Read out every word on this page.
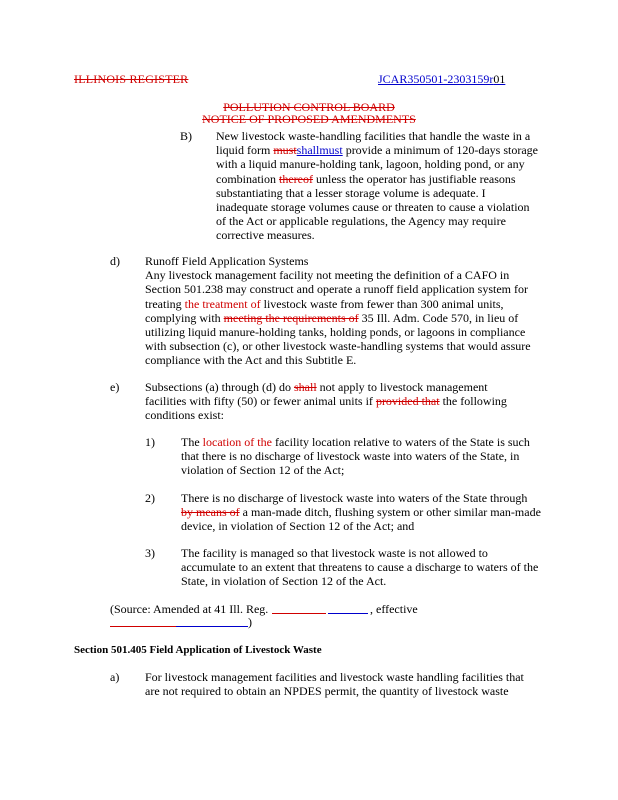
ILLINOIS REGISTER	JCAR350501-2303159r01
POLLUTION CONTROL BOARD
NOTICE OF PROPOSED AMENDMENTS
B) New livestock waste-handling facilities that handle the waste in a
liquid form mustshallmust provide a minimum of 120-days storage
with a liquid manure-holding tank, lagoon, holding pond, or any
combination thereof unless the operator has justifiable reasons
substantiating that a lesser storage volume is adequate. I
inadequate storage volumes cause or threaten to cause a violation
of the Act or applicable regulations, the Agency may require
corrective measures.
d) Runoff Field Application Systems
Any livestock management facility not meeting the definition of a CAFO in
Section 501.238 may construct and operate a runoff field application system for
treating the treatment of livestock waste from fewer than 300 animal units,
complying with meeting the requirements of 35 Ill. Adm. Code 570, in lieu of
utilizing liquid manure-holding tanks, holding ponds, or lagoons in compliance
with subsection (c), or other livestock waste-handling systems that would assure
compliance with the Act and this Subtitle E.
e) Subsections (a) through (d) do shall not apply to livestock management
facilities with fifty (50) or fewer animal units if provided that the following
conditions exist:
1) The location of the facility location relative to waters of the State is such
that there is no discharge of livestock waste into waters of the State, in
violation of Section 12 of the Act;
2) There is no discharge of livestock waste into waters of the State through
by means of a man-made ditch, flushing system or other similar man-made
device, in violation of Section 12 of the Act; and
3) The facility is managed so that livestock waste is not allowed to
accumulate to an extent that threatens to cause a discharge to waters of the
State, in violation of Section 12 of the Act.
(Source: Amended at 41 Ill. Reg.	, effective
)
Section 501.405 Field Application of Livestock Waste
a) For livestock management facilities and livestock waste handling facilities that
are not required to obtain an NPDES permit, the quantity of livestock waste
